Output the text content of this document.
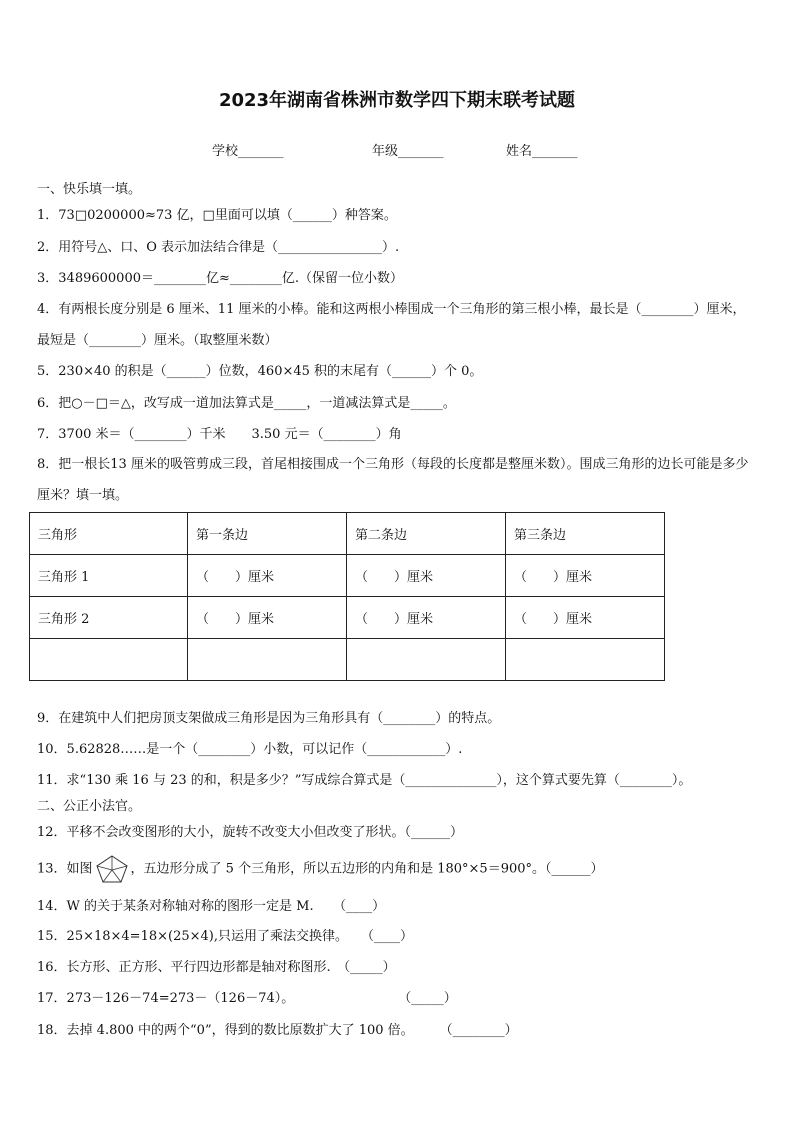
2023年湖南省株洲市数学四下期末联考试题
学校_______	年级_______	姓名_______
一、快乐填一填。
1．73□0200000≈73 亿，□里面可以填（______）种答案。
2．用符号△、口、O 表示加法结合律是（________________）.
3．3489600000＝________亿≈________亿.（保留一位小数）
4．有两根长度分别是 6 厘米、11 厘米的小棒。能和这两根小棒围成一个三角形的第三根小棒，最长是（________）厘米，最短是（________）厘米。（取整厘米数）
5．230×40 的积是（______）位数，460×45 积的末尾有（______）个 0。
6．把○－□＝△，改写成一道加法算式是_____，一道减法算式是_____。
7．3700 米＝（________）千米　　3.50 元＝（________）角
8．把一根长13 厘米的吸管剪成三段，首尾相接围成一个三角形（每段的长度都是整厘米数）。围成三角形的边长可能是多少厘米？填一填。
三角形	第一条边	第二条边	第三条边
三角形 1	（　　）厘米	（　　）厘米	（　　）厘米
三角形 2	（　　）厘米	（　　）厘米	（　　）厘米

9．在建筑中人们把房顶支架做成三角形是因为三角形具有（________）的特点。
10．5.62828……是一个（________）小数，可以记作（____________）.
11．求“130 乘 16 与 23 的和，积是多少？”写成综合算式是（______________），这个算式要先算（________）。
二、公正小法官。
12．平移不会改变图形的大小，旋转不改变大小但改变了形状。（______）
13．如图	，五边形分成了 5 个三角形，所以五边形的内角和是 180°×5＝900°。（______）
14．W 的关于某条对称轴对称的图形一定是 M.　　（____）
15．25×18×4=18×(25×4),只运用了乘法交换律。　　（____）
16．长方形、正方形、平行四边形都是轴对称图形.　（_____）
17．273－126－74=273－（126－74）。　　　　　　　　　（_____）
18．去掉 4.800 中的两个“0”，得到的数比原数扩大了 100 倍。　　　（________）
